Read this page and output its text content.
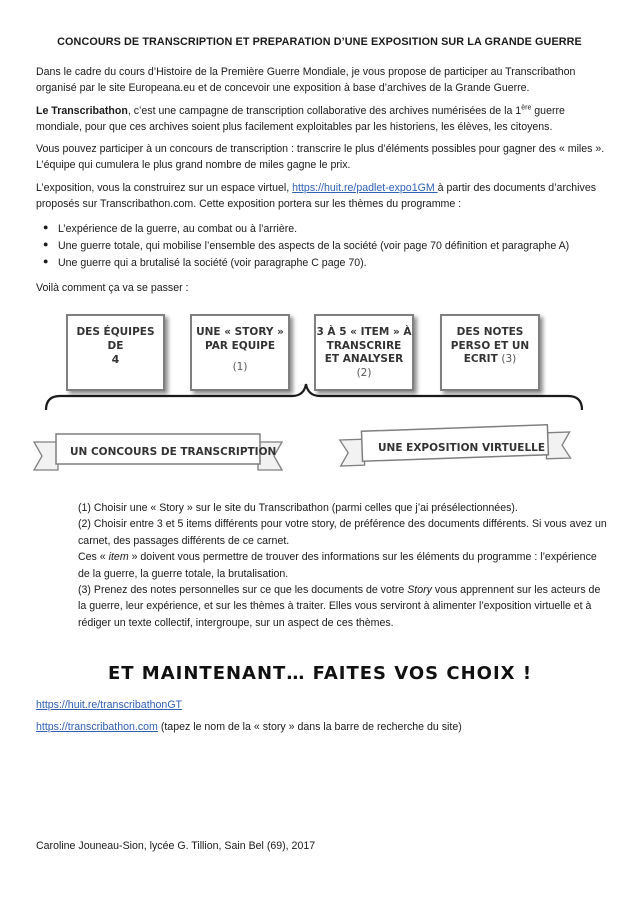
CONCOURS DE TRANSCRIPTION ET PREPARATION D’UNE EXPOSITION SUR LA GRANDE GUERRE

Dans le cadre du cours d’Histoire de la Première Guerre Mondiale, je vous propose de participer au Transcribathon organisé par le site Europeana.eu et de concevoir une exposition à base d’archives de la Grande Guerre.

Le Transcribathon, c’est une campagne de transcription collaborative des archives numérisées de la 1ère guerre mondiale, pour que ces archives soient plus facilement exploitables par les historiens, les élèves, les citoyens.

Vous pouvez participer à un concours de transcription : transcrire le plus d’éléments possibles pour gagner des « miles ». L’équipe qui cumulera le plus grand nombre de miles gagne le prix.

L’exposition, vous la construirez sur un espace virtuel, https://huit.re/padlet-expo1GM à partir des documents d’archives proposés sur Transcribathon.com. Cette exposition portera sur les thèmes du programme :

● L’expérience de la guerre, au combat ou à l’arrière.
● Une guerre totale, qui mobilise l’ensemble des aspects de la société (voir page 70 définition et paragraphe A)
● Une guerre qui a brutalisé la société (voir paragraphe C page 70).

Voilà comment ça va se passer :

DES ÉQUIPES
DE
4
UNE « STORY »
PAR EQUIPE
(1)
3 À 5 « ITEM » À
TRANSCRIRE
ET ANALYSER
(2)
DES NOTES
PERSO ET UN
ECRIT (3)
UN CONCOURS DE TRANSCRIPTION	UNE EXPOSITION VIRTUELLE
(1) Choisir une « Story » sur le site du Transcribathon (parmi celles que j’ai présélectionnées).
(2) Choisir entre 3 et 5 items différents pour votre story, de préférence des documents différents. Si vous avez un carnet, des passages différents de ce carnet.
Ces « item » doivent vous permettre de trouver des informations sur les éléments du programme : l’expérience de la guerre, la guerre totale, la brutalisation.
(3) Prenez des notes personnelles sur ce que les documents de votre Story vous apprennent sur les acteurs de la guerre, leur expérience, et sur les thèmes à traiter. Elles vous serviront à alimenter l’exposition virtuelle et à rédiger un texte collectif, intergroupe, sur un aspect de ces thèmes.
ET MAINTENANT… FAITES VOS CHOIX !
https://huit.re/transcribathonGT
https://transcribathon.com (tapez le nom de la « story » dans la barre de recherche du site)
Caroline Jouneau-Sion, lycée G. Tillion, Sain Bel (69), 2017
